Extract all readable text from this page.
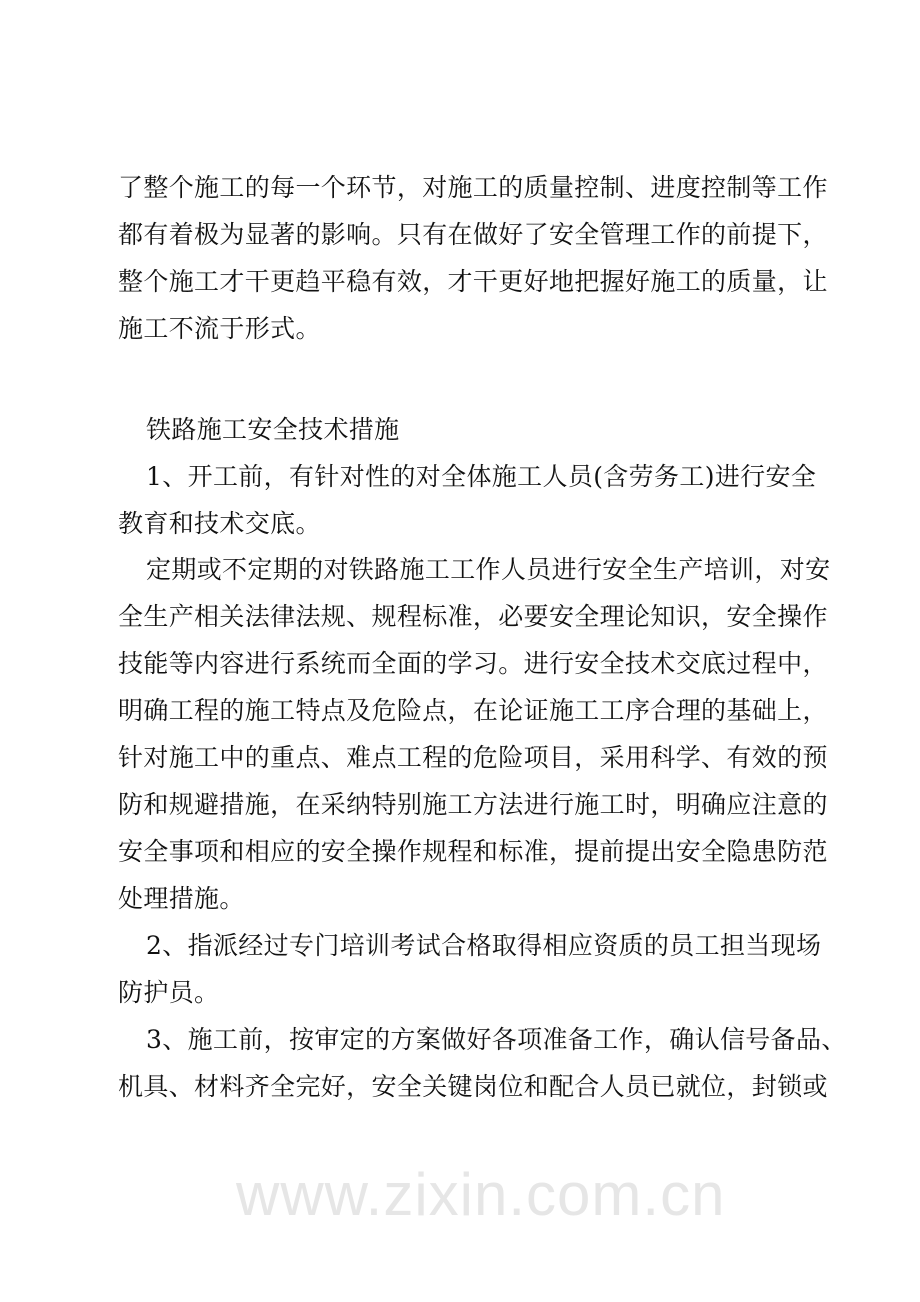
www.zixin.com.cn
了整个施工的每一个环节，对施工的质量控制、进度控制等工作
都有着极为显著的影响。只有在做好了安全管理工作的前提下，
整个施工才干更趋平稳有效，才干更好地把握好施工的质量，让
施工不流于形式。
铁路施工安全技术措施
1、开工前，有针对性的对全体施工人员(含劳务工)进行安全
教育和技术交底。
定期或不定期的对铁路施工工作人员进行安全生产培训，对安
全生产相关法律法规、规程标准，必要安全理论知识，安全操作
技能等内容进行系统而全面的学习。进行安全技术交底过程中，
明确工程的施工特点及危险点，在论证施工工序合理的基础上，
针对施工中的重点、难点工程的危险项目，采用科学、有效的预
防和规避措施，在采纳特别施工方法进行施工时，明确应注意的
安全事项和相应的安全操作规程和标准，提前提出安全隐患防范
处理措施。
2、指派经过专门培训考试合格取得相应资质的员工担当现场
防护员。
3、施工前，按审定的方案做好各项准备工作，确认信号备品、
机具、材料齐全完好，安全关键岗位和配合人员已就位，封锁或
